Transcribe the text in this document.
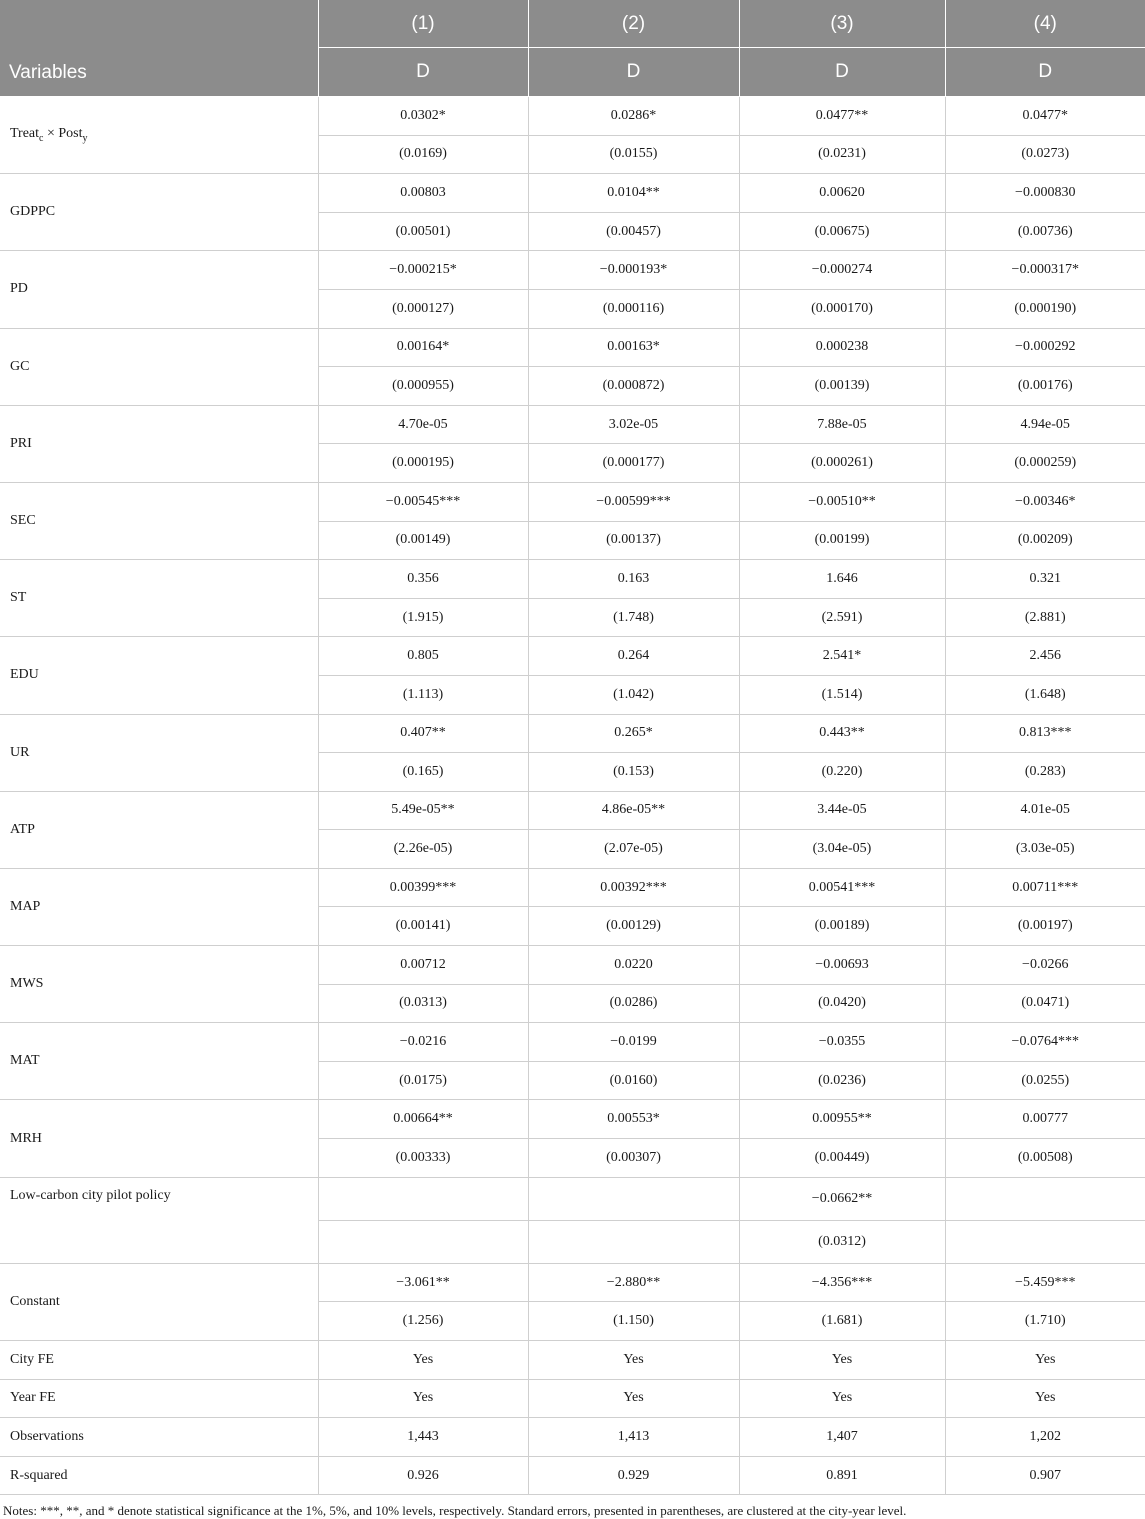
Variables	(1)	(2)	(3)	(4)
	D	D	D	D
Treat$_c$ × Post$_y$	0.0302*	0.0286*	0.0477**	0.0477*
	(0.0169)	(0.0155)	(0.0231)	(0.0273)
GDPPC	0.00803	0.0104**	0.00620	−0.000830
	(0.00501)	(0.00457)	(0.00675)	(0.00736)
PD	−0.000215*	−0.000193*	−0.000274	−0.000317*
	(0.000127)	(0.000116)	(0.000170)	(0.000190)
GC	0.00164*	0.00163*	0.000238	−0.000292
	(0.000955)	(0.000872)	(0.00139)	(0.00176)
PRI	4.70e-05	3.02e-05	7.88e-05	4.94e-05
	(0.000195)	(0.000177)	(0.000261)	(0.000259)
SEC	−0.00545***	−0.00599***	−0.00510**	−0.00346*
	(0.00149)	(0.00137)	(0.00199)	(0.00209)
ST	0.356	0.163	1.646	0.321
	(1.915)	(1.748)	(2.591)	(2.881)
EDU	0.805	0.264	2.541*	2.456
	(1.113)	(1.042)	(1.514)	(1.648)
UR	0.407**	0.265*	0.443**	0.813***
	(0.165)	(0.153)	(0.220)	(0.283)
ATP	5.49e-05**	4.86e-05**	3.44e-05	4.01e-05
	(2.26e-05)	(2.07e-05)	(3.04e-05)	(3.03e-05)
MAP	0.00399***	0.00392***	0.00541***	0.00711***
	(0.00141)	(0.00129)	(0.00189)	(0.00197)
MWS	0.00712	0.0220	−0.00693	−0.0266
	(0.0313)	(0.0286)	(0.0420)	(0.0471)
MAT	−0.0216	−0.0199	−0.0355	−0.0764***
	(0.0175)	(0.0160)	(0.0236)	(0.0255)
MRH	0.00664**	0.00553*	0.00955**	0.00777
	(0.00333)	(0.00307)	(0.00449)	(0.00508)
Low-carbon city pilot policy			−0.0662**	
			(0.0312)	
Constant	−3.061**	−2.880**	−4.356***	−5.459***
	(1.256)	(1.150)	(1.681)	(1.710)
City FE	Yes	Yes	Yes	Yes
Year FE	Yes	Yes	Yes	Yes
Observations	1,443	1,413	1,407	1,202
R-squared	0.926	0.929	0.891	0.907
Notes: ***, **, and * denote statistical significance at the 1%, 5%, and 10% levels, respectively. Standard errors, presented in parentheses, are clustered at the city-year level.
